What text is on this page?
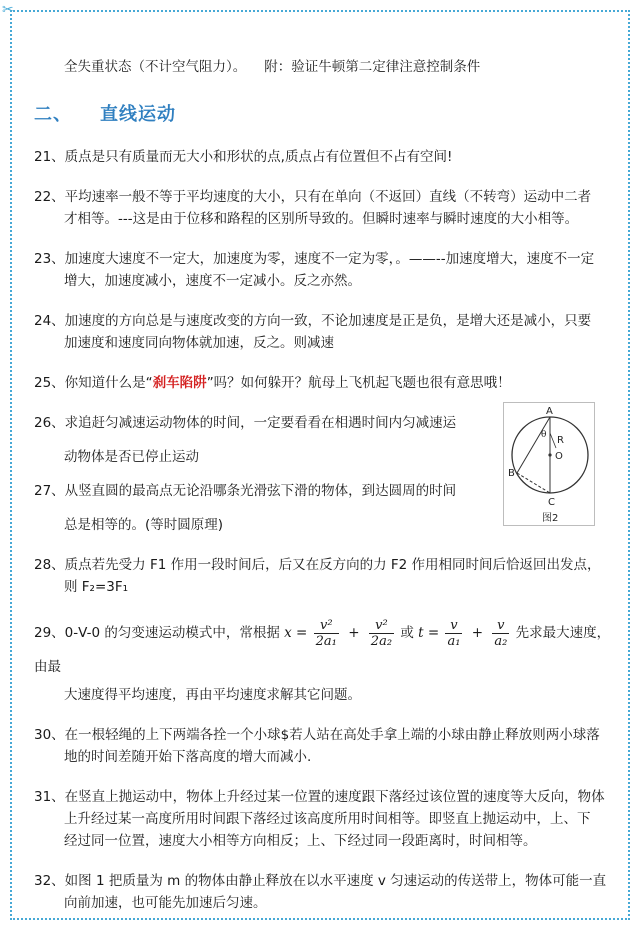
✂
全失重状态（不计空气阻力）。 附：验证牛顿第二定律注意控制条件
二、 直线运动
21、质点是只有质量而无大小和形状的点,质点占有位置但不占有空间!
22、平均速率一般不等于平均速度的大小，只有在单向（不返回）直线（不转弯）运动中二者
才相等。---这是由于位移和路程的区别所导致的。但瞬时速率与瞬时速度的大小相等。
23、加速度大速度不一定大，加速度为零，速度不一定为零，。——--加速度增大，速度不一定
增大，加速度减小，速度不一定减小。反之亦然。
24、加速度的方向总是与速度改变的方向一致，不论加速度是正是负，是增大还是减小，只要
加速度和速度同向物体就加速，反之。则减速
25、你知道什么是“刹车陷阱”吗？如何躲开？航母上飞机起飞题也很有意思哦！
26、求追赶匀减速运动物体的时间，一定要看看在相遇时间内匀减速运
动物体是否已停止运动
27、从竖直圆的最高点无论沿哪条光滑弦下滑的物体，到达圆周的时间
总是相等的。(等时圆原理)
28、质点若先受力 F1 作用一段时间后，后又在反方向的力 F2 作用相同时间后恰返回出发点，
则 F₂=3F₁
29、0-V-0 的匀变速运动模式中，常根据 $x = \frac{\text{v²}}{\text{2a₁}} + \frac{\text{v²}}{\text{2a₂}}$ 或 $t = \frac{v}{\text{a₁}} + \frac{v}{\text{a₂}}$ 先求最大速度，由最
大速度得平均速度，再由平均速度求解其它问题。
30、在一根轻绳的上下两端各拴一个小球$若人站在高处手拿上端的小球由静止释放则两小球落
地的时间差随开始下落高度的增大而减小.
31、在竖直上抛运动中，物体上升经过某一位置的速度跟下落经过该位置的速度等大反向，物体
上升经过某一高度所用时间跟下落经过该高度所用时间相等。即竖直上抛运动中，上、下
经过同一位置，速度大小相等方向相反；上、下经过同一段距离时，时间相等。
32、如图 1 把质量为 m 的物体由静止释放在以水平速度 v 匀速运动的传送带上，物体可能一直
向前加速，也可能先加速后匀速。
A
B
C
R
O
θ
图2
